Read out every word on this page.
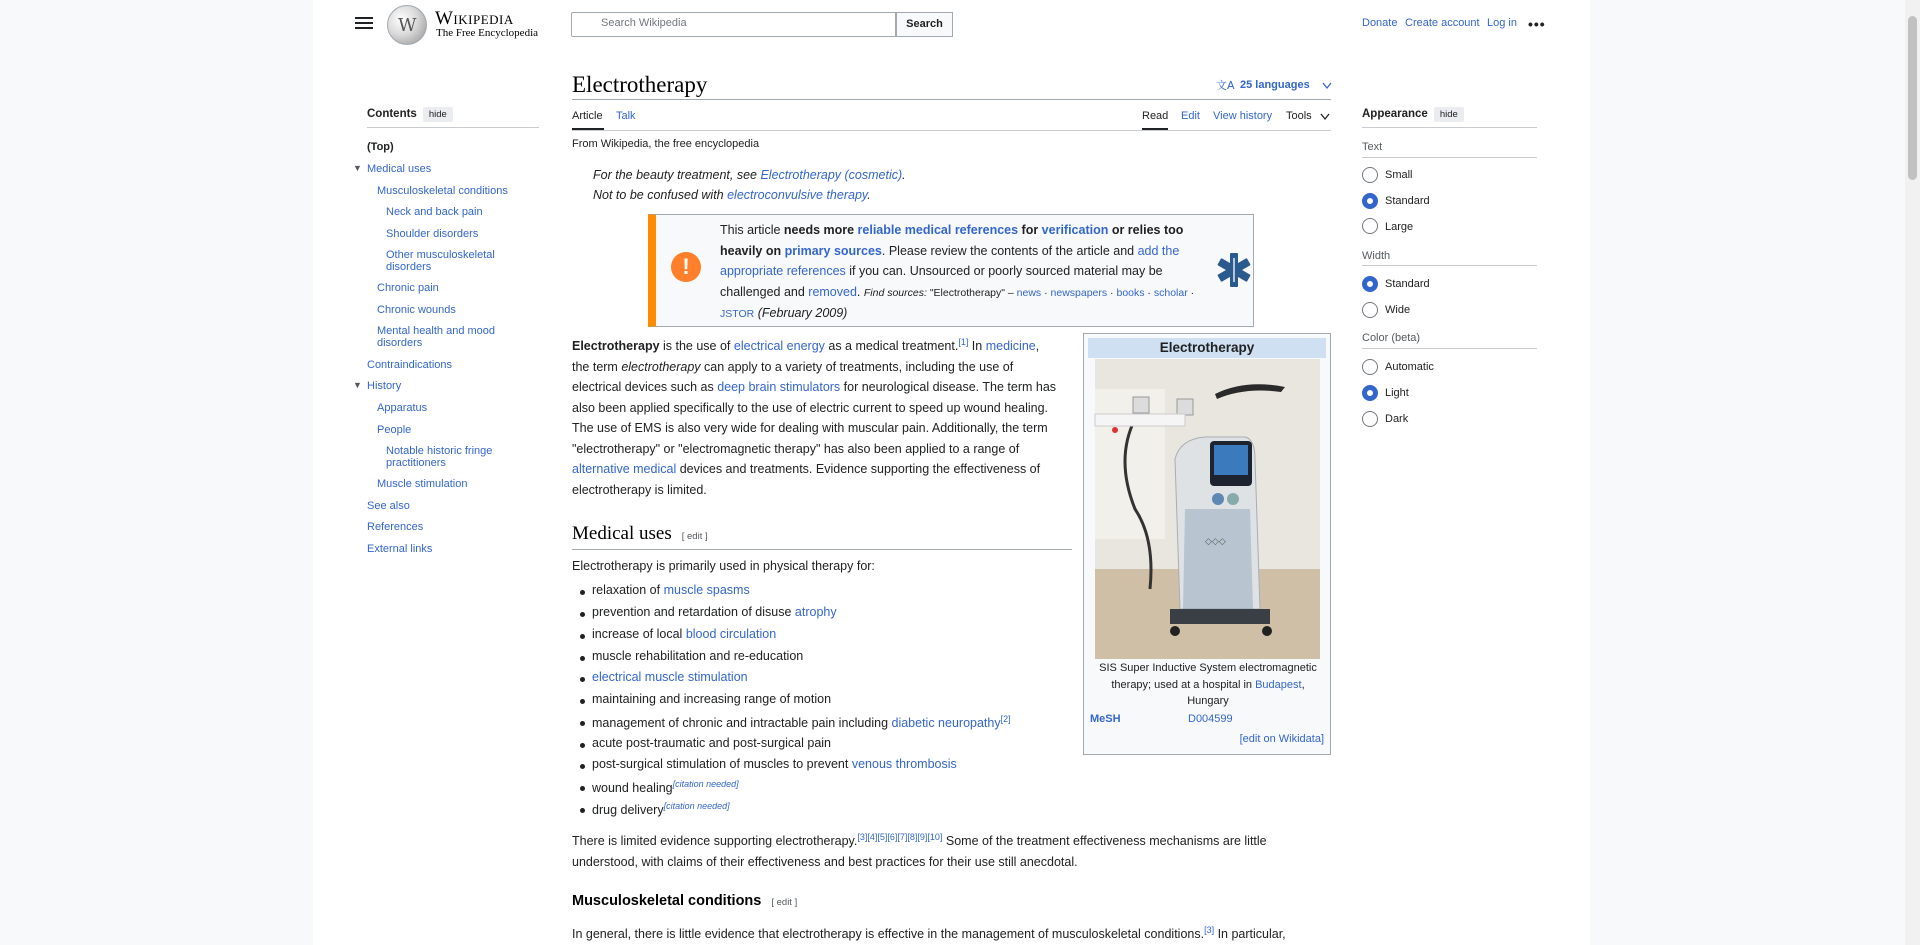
W
Wikipedia
The Free Encyclopedia
Search Wikipedia	Search	Donate Create account Log in •••
Electrotherapy	文A 25 languages
Article Talk	Read Edit View history Tools
From Wikipedia, the free encyclopedia
For the beauty treatment, see Electrotherapy (cosmetic).
Not to be confused with electroconvulsive therapy.
Contents hide
(Top)
▼ Medical uses
Musculoskeletal conditions
Neck and back pain
Shoulder disorders
Other musculoskeletal disorders
Chronic pain
Chronic wounds
Mental health and mood disorders
Contraindications
▼ History
Apparatus
People
Notable historic fringe practitioners
Muscle stimulation
See also
References
External links
!
This article needs more reliable medical references for verification or relies too heavily on primary sources. Please review the contents of the article and add the appropriate references if you can. Unsourced or poorly sourced material may be challenged and removed. Find sources: "Electrotherapy" – news · newspapers · books · scholar · JSTOR (February 2009)
Electrotherapy is the use of electrical energy as a medical treatment.[1] In medicine, the term electrotherapy can apply to a variety of treatments, including the use of electrical devices such as deep brain stimulators for neurological disease. The term has also been applied specifically to the use of electric current to speed up wound healing. The use of EMS is also very wide for dealing with muscular pain. Additionally, the term "electrotherapy" or "electromagnetic therapy" has also been applied to a range of alternative medical devices and treatments. Evidence supporting the effectiveness of electrotherapy is limited.
Medical uses [ edit ]
Electrotherapy is primarily used in physical therapy for:
relaxation of muscle spasms
prevention and retardation of disuse atrophy
increase of local blood circulation
muscle rehabilitation and re-education
electrical muscle stimulation
maintaining and increasing range of motion
management of chronic and intractable pain including diabetic neuropathy[2]
acute post-traumatic and post-surgical pain
post-surgical stimulation of muscles to prevent venous thrombosis
wound healing[citation needed]
drug delivery[citation needed]
There is limited evidence supporting electrotherapy.[3][4][5][6][7][8][9][10] Some of the treatment effectiveness mechanisms are little understood, with claims of their effectiveness and best practices for their use still anecdotal.
Musculoskeletal conditions [ edit ]
In general, there is little evidence that electrotherapy is effective in the management of musculoskeletal conditions.[3] In particular,
Electrotherapy
◇◇◇
SIS Super Inductive System electromagnetic therapy; used at a hospital in Budapest, Hungary
MeSH	D004599
[edit on Wikidata]
Appearance hide
Text
Small
Standard
Large
Width
Standard
Wide
Color (beta)
Automatic
Light
Dark
